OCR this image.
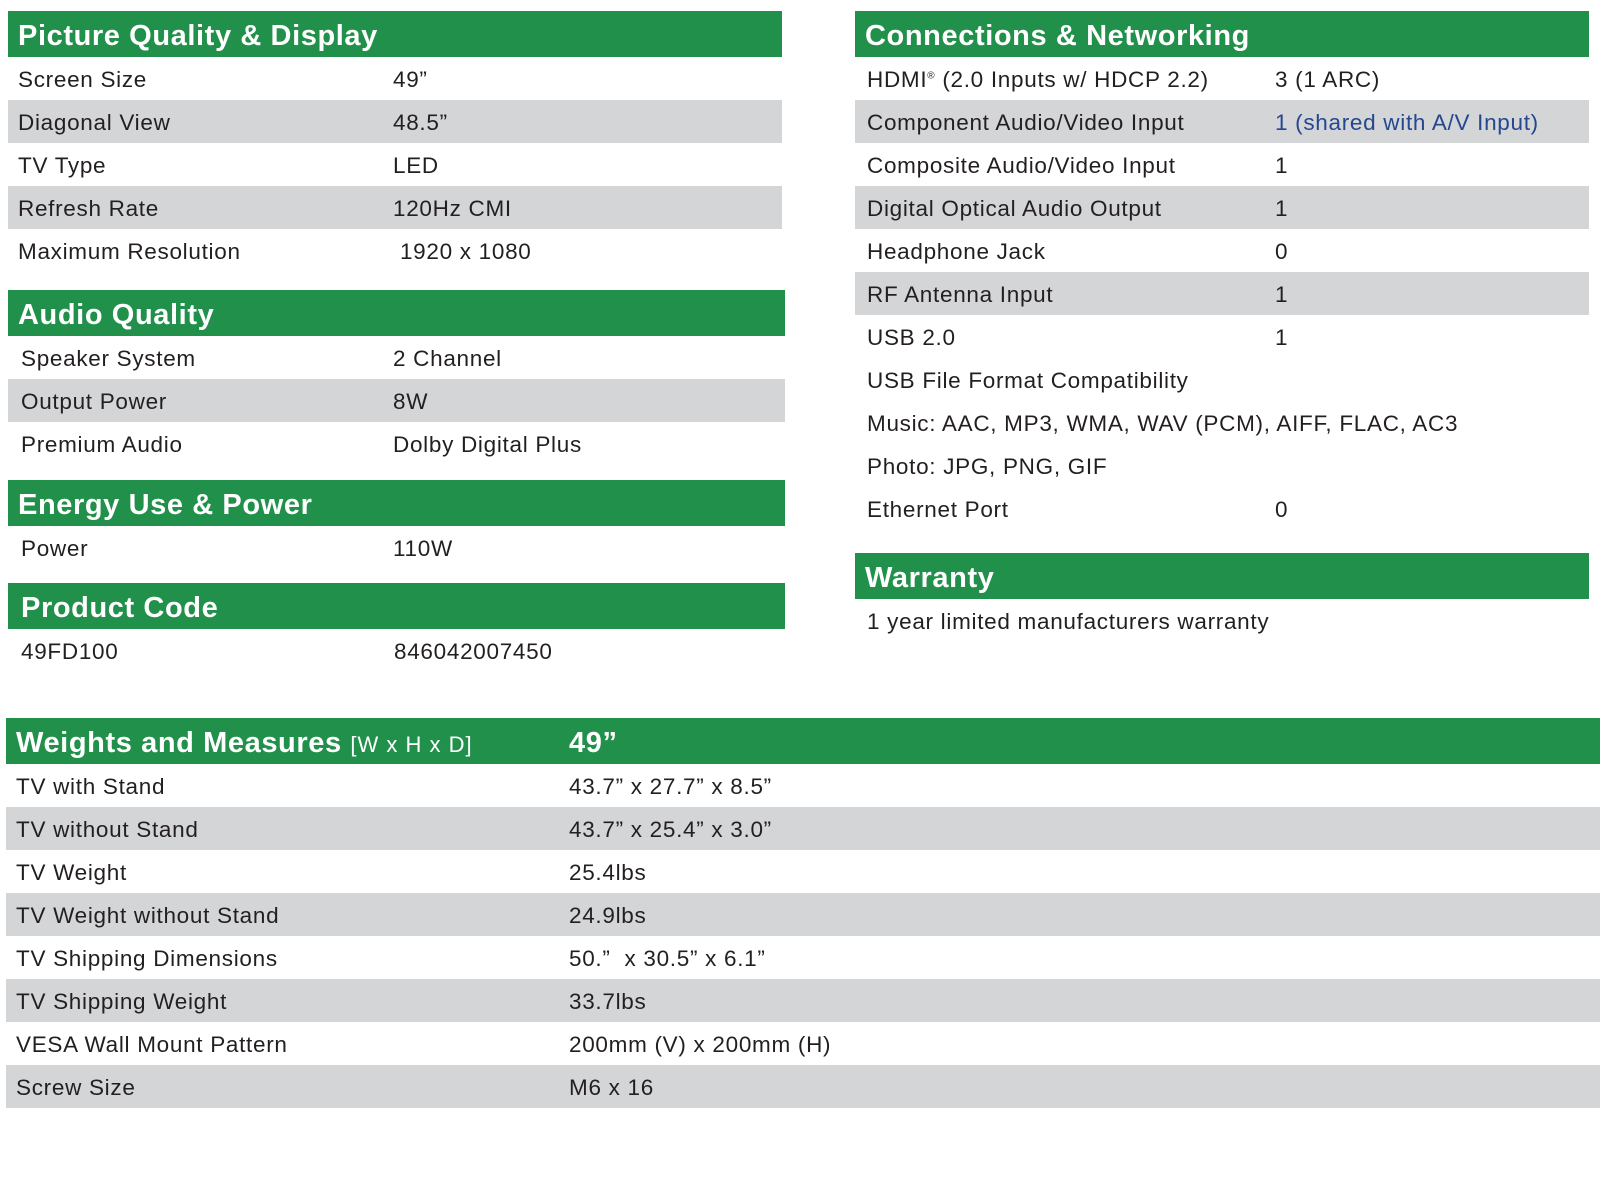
Picture Quality & Display
Screen Size	49”
Diagonal View	48.5”
TV Type	LED
Refresh Rate	120Hz CMI
Maximum Resolution	1920 x 1080
Audio Quality
Speaker System	2 Channel
Output Power	8W
Premium Audio	Dolby Digital Plus
Energy Use & Power
Power	110W
Product Code
49FD100	846042007450
Connections & Networking
HDMI® (2.0 Inputs w/ HDCP 2.2)	3 (1 ARC)
Component Audio/Video Input	1 (shared with A/V Input)
Composite Audio/Video Input	1
Digital Optical Audio Output	1
Headphone Jack	0
RF Antenna Input	1
USB 2.0	1
USB File Format Compatibility
Music: AAC, MP3, WMA, WAV (PCM), AIFF, FLAC, AC3
Photo: JPG, PNG, GIF
Ethernet Port	0
Warranty
1 year limited manufacturers warranty
Weights and Measures [W x H x D]	49”
TV with Stand	43.7” x 27.7” x 8.5”
TV without Stand	43.7” x 25.4” x 3.0”
TV Weight	25.4lbs
TV Weight without Stand	24.9lbs
TV Shipping Dimensions	50.”  x 30.5” x 6.1”
TV Shipping Weight	33.7lbs
VESA Wall Mount Pattern	200mm (V) x 200mm (H)
Screw Size	M6 x 16
